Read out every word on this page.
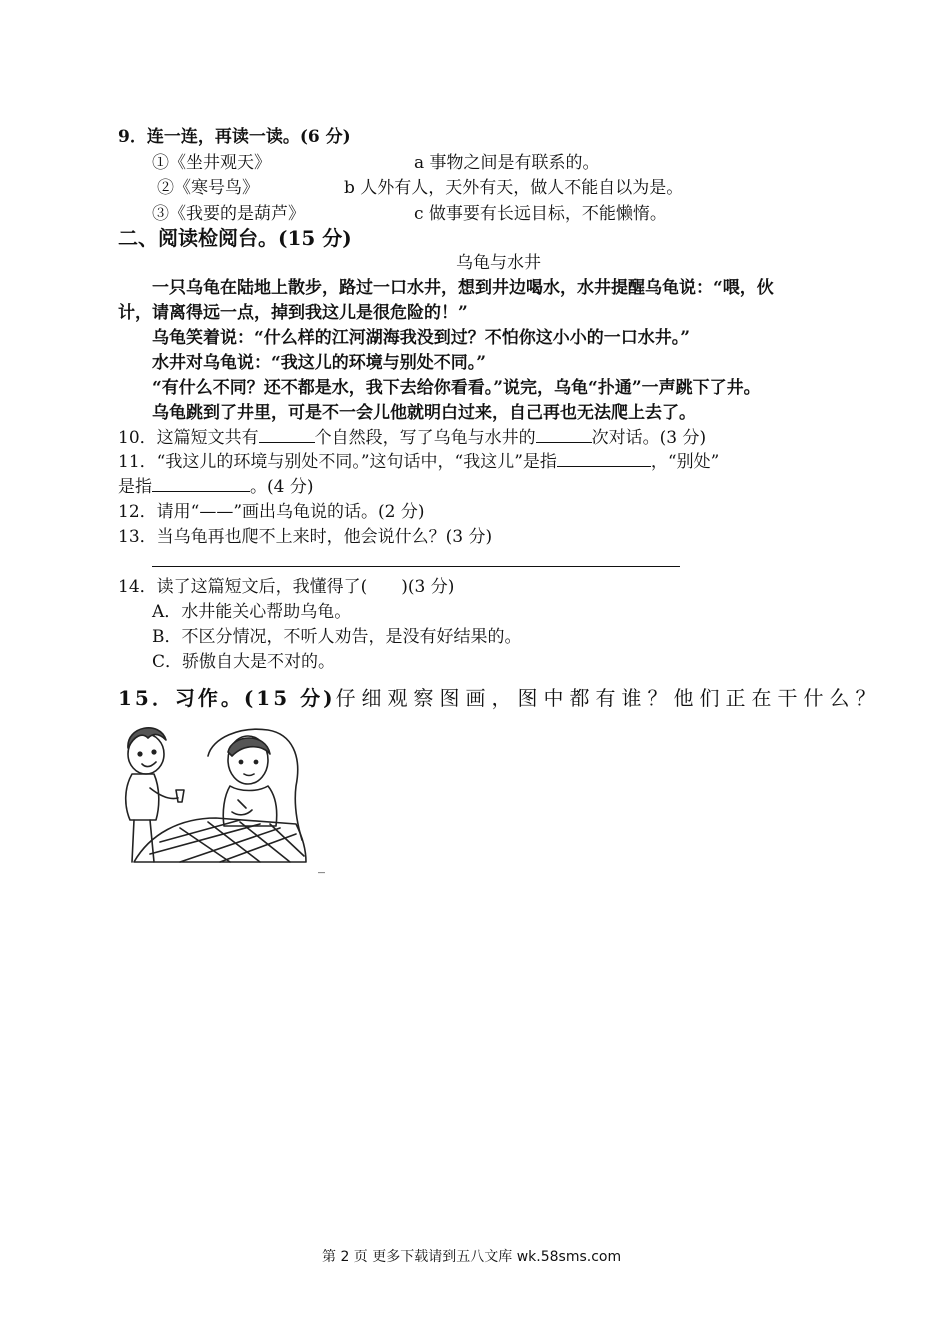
9．连一连，再读一读。(6 分)
①《坐井观天》	a 事物之间是有联系的。
②《寒号鸟》	b 人外有人，天外有天，做人不能自以为是。
③《我要的是葫芦》	c 做事要有长远目标，不能懒惰。
二、阅读检阅台。(15 分)
乌龟与水井
一只乌龟在陆地上散步，路过一口水井，想到井边喝水，水井提醒乌龟说：“喂，伙
计，请离得远一点，掉到我这儿是很危险的！”
乌龟笑着说：“什么样的江河湖海我没到过？不怕你这小小的一口水井。”
水井对乌龟说：“我这儿的环境与别处不同。”
“有什么不同？还不都是水，我下去给你看看。”说完，乌龟“扑通”一声跳下了井。
乌龟跳到了井里，可是不一会儿他就明白过来，自己再也无法爬上去了。
10．这篇短文共有	个自然段，写了乌龟与水井的	次对话。(3 分)
11．“我这儿的环境与别处不同。”这句话中，“我这儿”是指	，“别处”
是指	。(4 分)
12．请用“——”画出乌龟说的话。(2 分)
13．当乌龟再也爬不上来时，他会说什么？(3 分)
14．读了这篇短文后，我懂得了(　　)(3 分)
A．水井能关心帮助乌龟。
B．不区分情况，不听人劝告，是没有好结果的。
C．骄傲自大是不对的。
15．习作。(15 分)仔细观察图画，图中都有谁？他们正在干什么？
_
第 2 页 更多下载请到五八文库 wk.58sms.com
